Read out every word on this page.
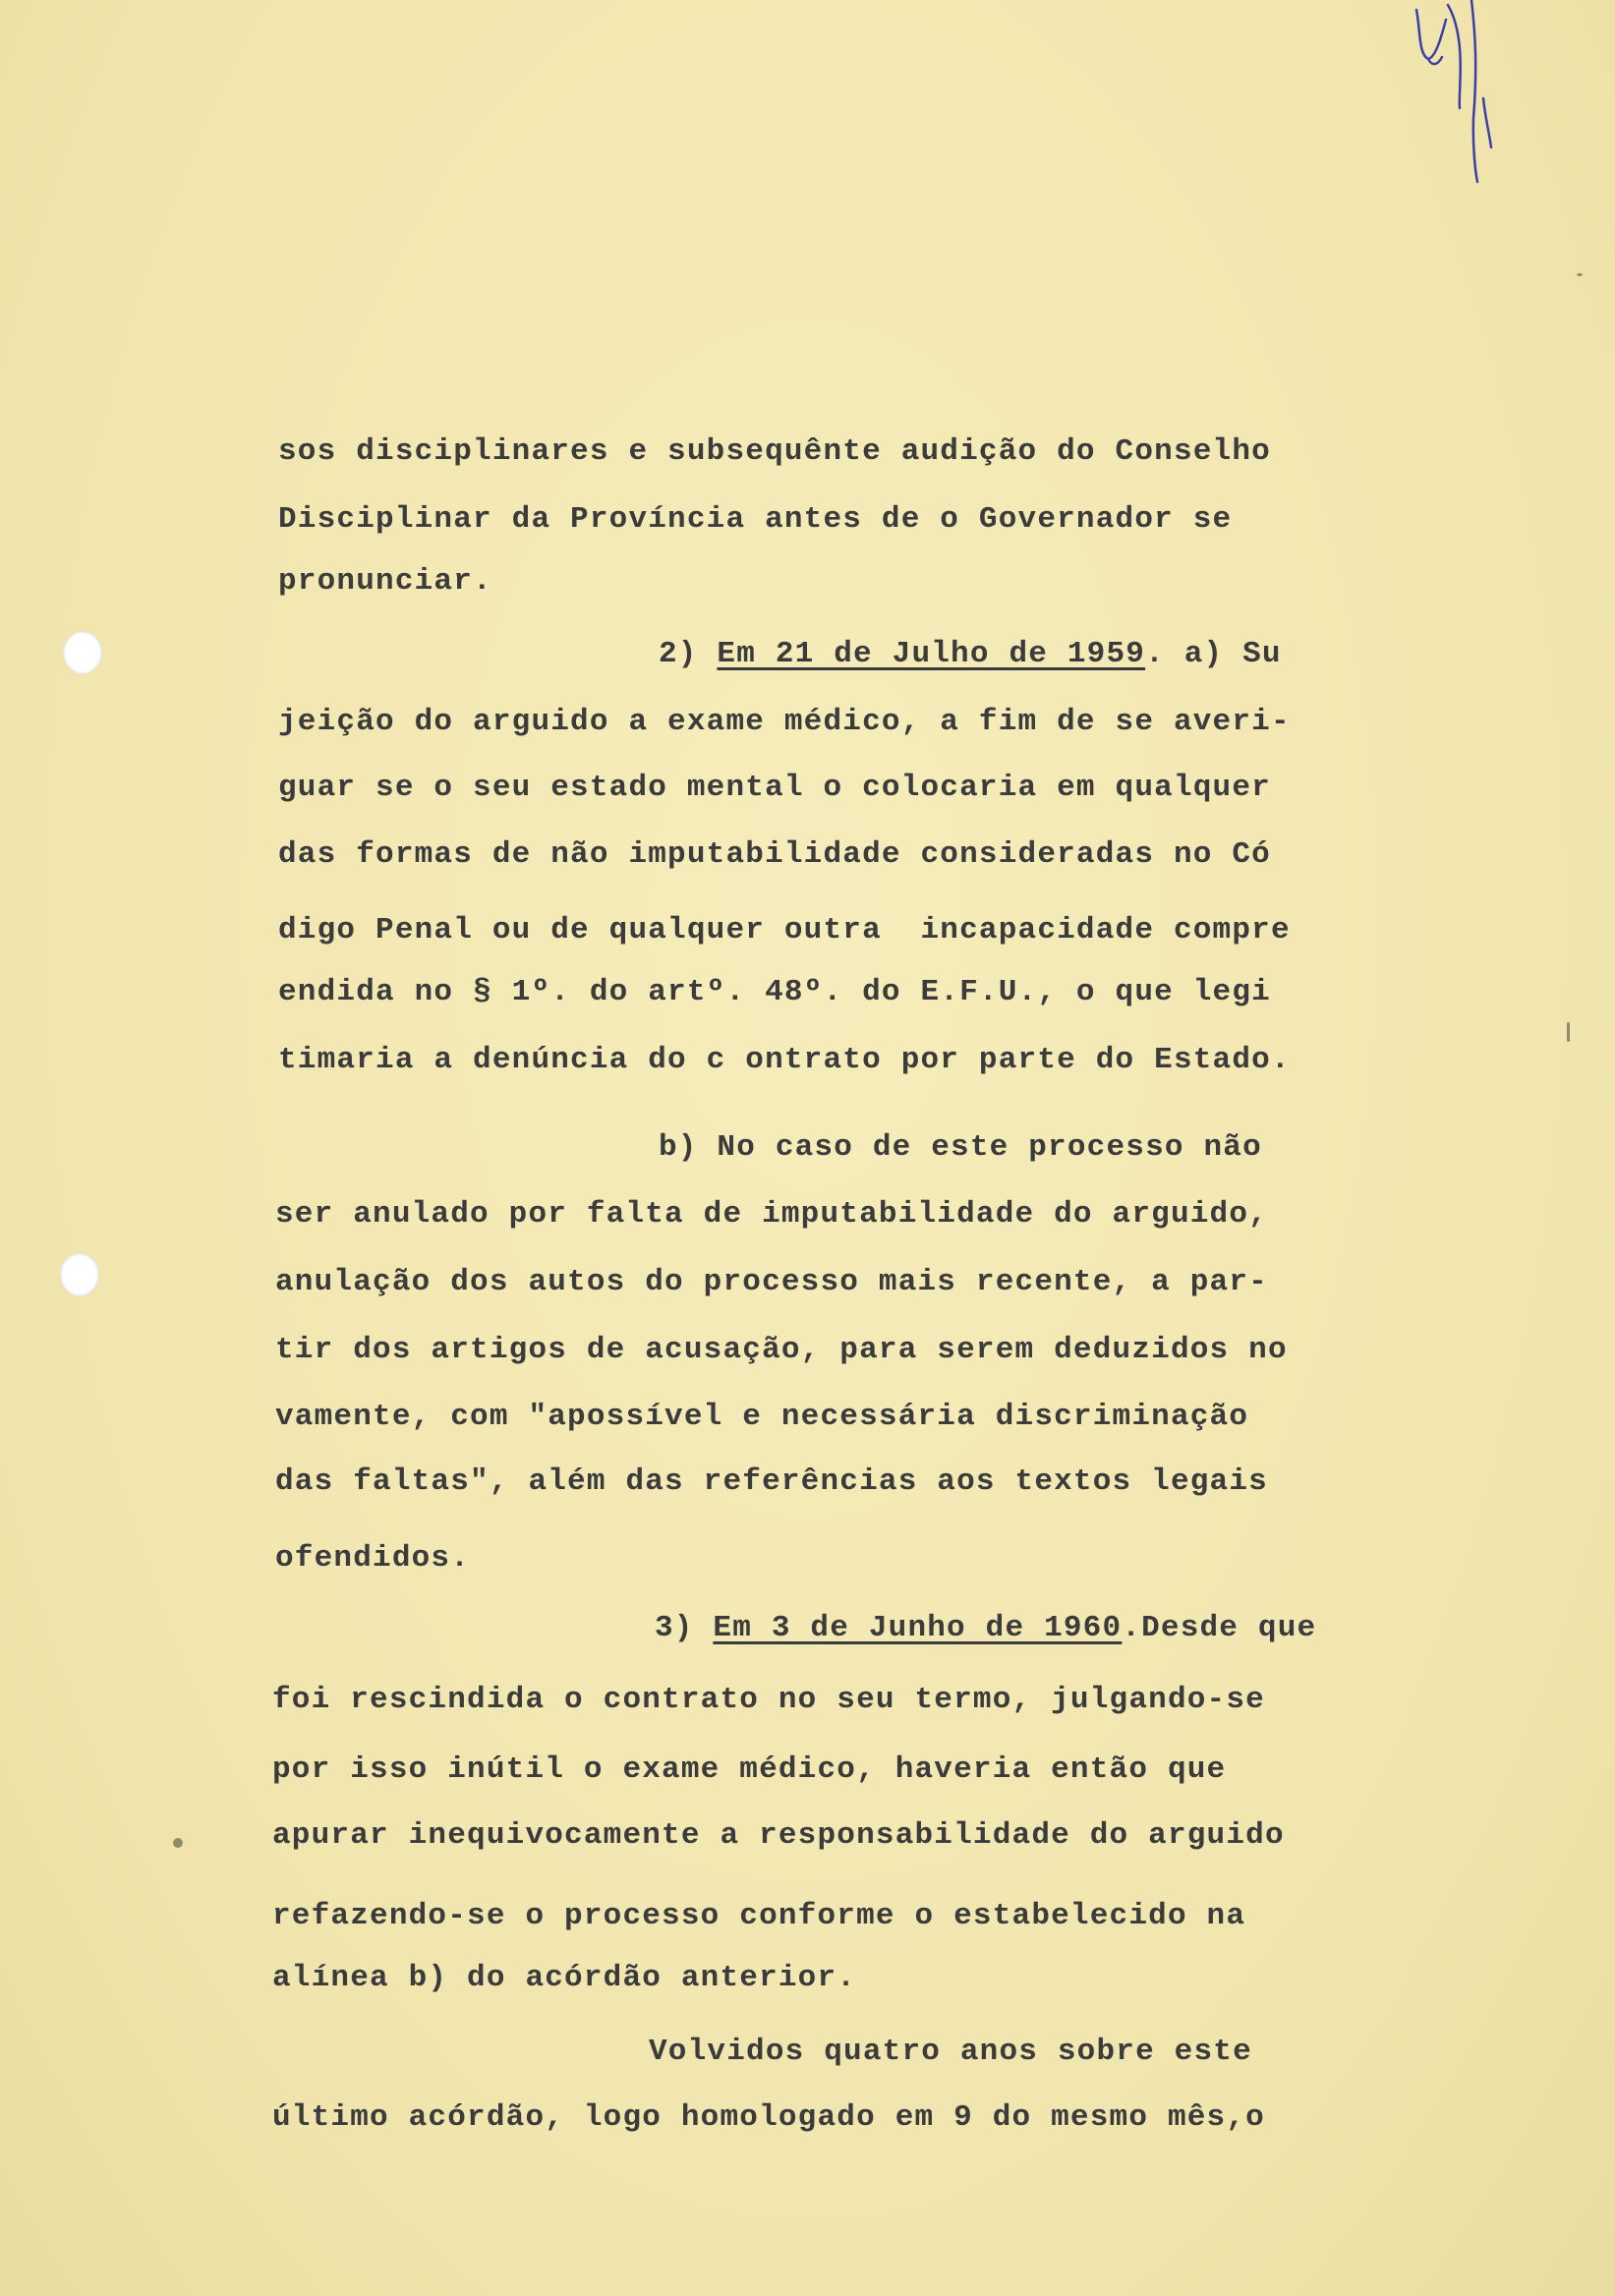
sos disciplinares e subsequênte audição do Conselho
Disciplinar da Província antes de o Governador se
pronunciar.
2) Em 21 de Julho de 1959. a) Su
jeição do arguido a exame médico, a fim de se averi-
guar se o seu estado mental o colocaria em qualquer
das formas de não imputabilidade consideradas no Có
digo Penal ou de qualquer outra  incapacidade compre
endida no § 1º. do artº. 48º. do E.F.U., o que legi
timaria a denúncia do c ontrato por parte do Estado.
b) No caso de este processo não
ser anulado por falta de imputabilidade do arguido,
anulação dos autos do processo mais recente, a par-
tir dos artigos de acusação, para serem deduzidos no
vamente, com "apossível e necessária discriminação
das faltas", além das referências aos textos legais
ofendidos.
3) Em 3 de Junho de 1960.Desde que
foi rescindida o contrato no seu termo, julgando-se
por isso inútil o exame médico, haveria então que
apurar inequivocamente a responsabilidade do arguido
refazendo-se o processo conforme o estabelecido na
alínea b) do acórdão anterior.
Volvidos quatro anos sobre este
último acórdão, logo homologado em 9 do mesmo mês,o
